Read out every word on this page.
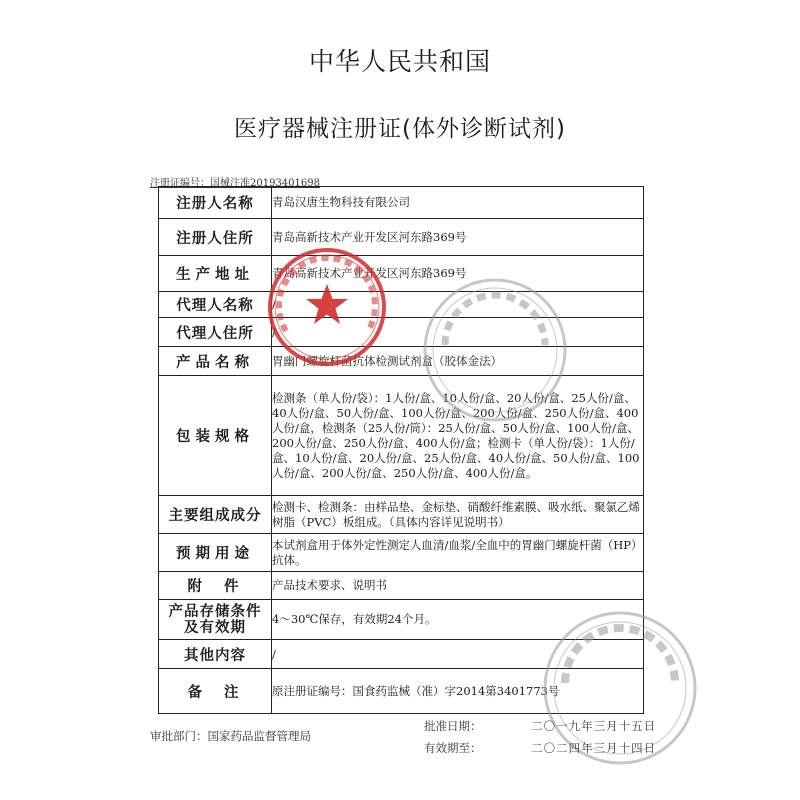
中华人民共和国
医疗器械注册证(体外诊断试剂)
注册证编号：国械注准20193401698
注册人名称	青岛汉唐生物科技有限公司
注册人住所	青岛高新技术产业开发区河东路369号
生产地址	青岛高新技术产业开发区河东路369号
代理人名称	/
代理人住所	/
产品名称	胃幽门螺旋杆菌抗体检测试剂盒（胶体金法）
包装规格	检测条（单人份/袋）：1人份/盒、10人份/盒、20人份/盒、25人份/盒、40人份/盒、50人份/盒、100人份/盒、200人份/盒、250人份/盒、400人份/盒，检测条（25人份/筒）：25人份/盒、50人份/盒、100人份/盒、200人份/盒、250人份/盒、400人份/盒；检测卡（单人份/袋）：1人份/盒、10人份/盒、20人份/盒、25人份/盒、40人份/盒、50人份/盒、100人份/盒、200人份/盒、250人份/盒、400人份/盒。
主要组成成分	检测卡、检测条：由样品垫、金标垫、硝酸纤维素膜、吸水纸、聚氯乙烯树脂（PVC）板组成。（具体内容详见说明书）
预期用途	本试剂盒用于体外定性测定人血清/血浆/全血中的胃幽门螺旋杆菌（HP）抗体。
附件	产品技术要求、说明书
产品存储条件及有效期	4～30℃保存，有效期24个月。
其他内容	/
备注	原注册证编号：国食药监械（准）字2014第3401773号
审批部门：国家药品监督管理局
批准日期：	二〇一九年三月十五日
有效期至：	二〇二四年三月十四日
